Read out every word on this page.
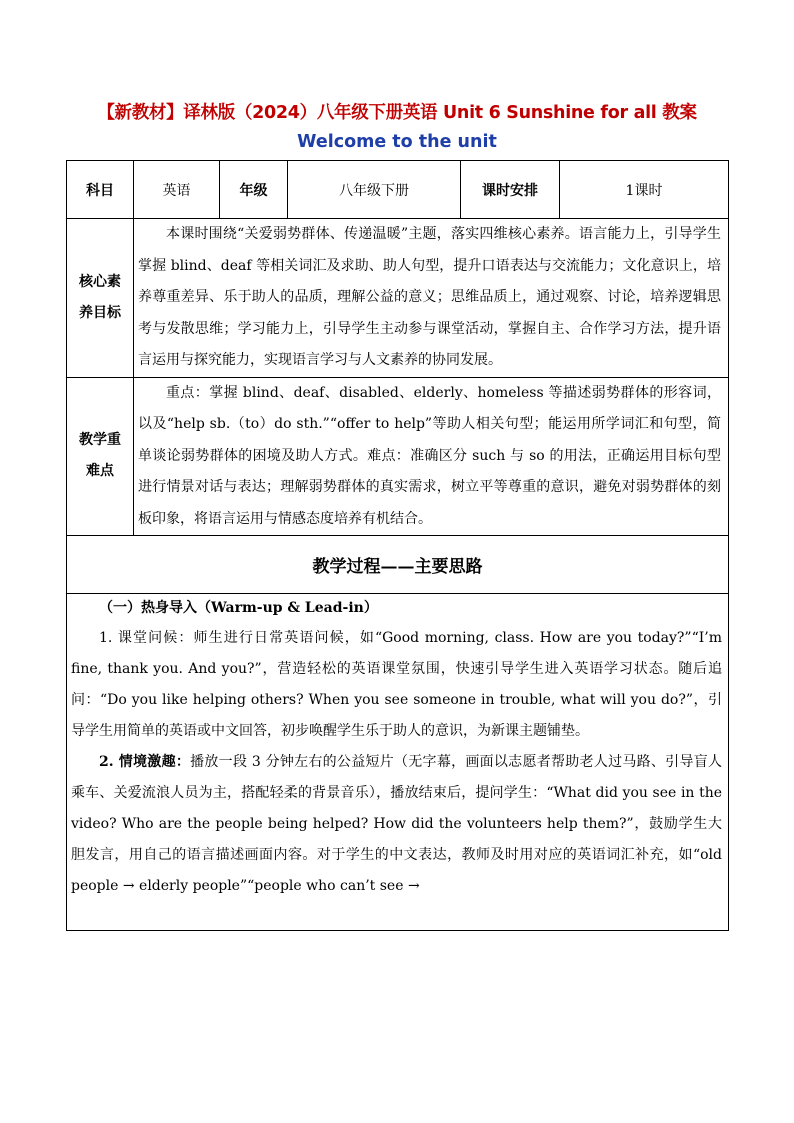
【新教材】译林版（2024）八年级下册英语 Unit 6 Sunshine for all 教案
Welcome to the unit
科目	英语	年级	八年级下册	课时安排	1课时

核心素
养目标	本课时围绕“关爱弱势群体、传递温暖”主题，落实四维核心素养。语言能力上，引导学生掌握 blind、deaf 等相关词汇及求助、助人句型，提升口语表达与交流能力；文化意识上，培养尊重差异、乐于助人的品质，理解公益的意义；思维品质上，通过观察、讨论，培养逻辑思考与发散思维；学习能力上，引导学生主动参与课堂活动，掌握自主、合作学习方法，提升语言运用与探究能力，实现语言学习与人文素养的协同发展。				

教学重
难点	重点：掌握 blind、deaf、disabled、elderly、homeless 等描述弱势群体的形容词，以及“help sb.（to）do sth.”“offer to help”等助人相关句型；能运用所学词汇和句型，简单谈论弱势群体的困境及助人方式。难点：准确区分 such 与 so 的用法，正确运用目标句型进行情景对话与表达；理解弱势群体的真实需求，树立平等尊重的意识，避免对弱势群体的刻板印象，将语言运用与情感态度培养有机结合。				

教学过程——主要思路					

（一）热身导入（Warm-up & Lead-in）

1. 课堂问候：师生进行日常英语问候，如“Good morning, class. How are you today?”“I’m fine, thank you. And you?”，营造轻松的英语课堂氛围，快速引导学生进入英语学习状态。随后追问：“Do you like helping others? When you see someone in trouble, what will you do?”，引导学生用简单的英语或中文回答，初步唤醒学生乐于助人的意识，为新课主题铺垫。

2. 情境激趣：播放一段 3 分钟左右的公益短片（无字幕，画面以志愿者帮助老人过马路、引导盲人乘车、关爱流浪人员为主，搭配轻柔的背景音乐），播放结束后，提问学生：“What did you see in the video? Who are the people being helped? How did the volunteers help them?”，鼓励学生大胆发言，用自己的语言描述画面内容。对于学生的中文表达，教师及时用对应的英语词汇补充，如“old people → elderly people”“people who can’t see →					
